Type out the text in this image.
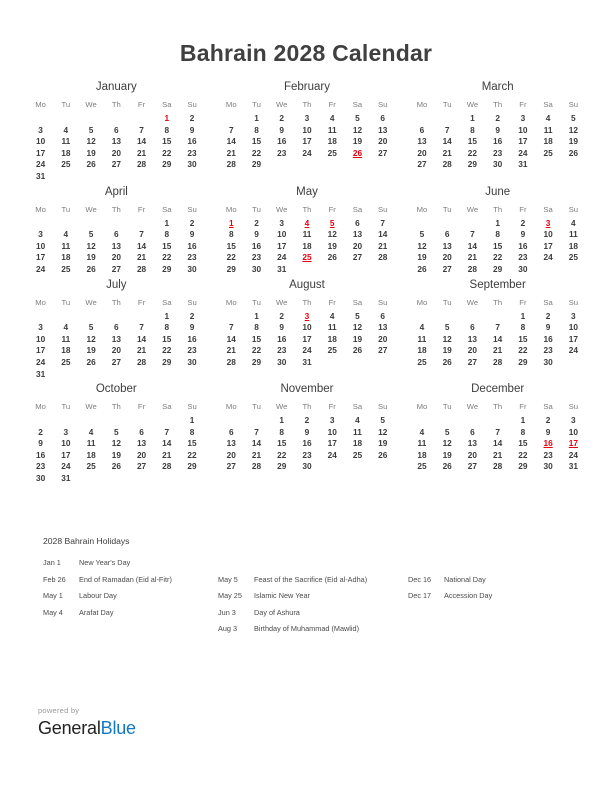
Bahrain 2028 Calendar
January
Mo	Tu	We	Th	Fr	Sa	Su
					1	2
3	4	5	6	7	8	9
10	11	12	13	14	15	16
17	18	19	20	21	22	23
24	25	26	27	28	29	30
31						
February
Mo	Tu	We	Th	Fr	Sa	Su
	1	2	3	4	5	6
7	8	9	10	11	12	13
14	15	16	17	18	19	20
21	22	23	24	25	26	27
28	29					
March
Mo	Tu	We	Th	Fr	Sa	Su
		1	2	3	4	5
6	7	8	9	10	11	12
13	14	15	16	17	18	19
20	21	22	23	24	25	26
27	28	29	30	31		
April
Mo	Tu	We	Th	Fr	Sa	Su
					1	2
3	4	5	6	7	8	9
10	11	12	13	14	15	16
17	18	19	20	21	22	23
24	25	26	27	28	29	30
May
Mo	Tu	We	Th	Fr	Sa	Su
1	2	3	4	5	6	7
8	9	10	11	12	13	14
15	16	17	18	19	20	21
22	23	24	25	26	27	28
29	30	31				
June
Mo	Tu	We	Th	Fr	Sa	Su
			1	2	3	4
5	6	7	8	9	10	11
12	13	14	15	16	17	18
19	20	21	22	23	24	25
26	27	28	29	30		
July
Mo	Tu	We	Th	Fr	Sa	Su
					1	2
3	4	5	6	7	8	9
10	11	12	13	14	15	16
17	18	19	20	21	22	23
24	25	26	27	28	29	30
31						
August
Mo	Tu	We	Th	Fr	Sa	Su
	1	2	3	4	5	6
7	8	9	10	11	12	13
14	15	16	17	18	19	20
21	22	23	24	25	26	27
28	29	30	31			
September
Mo	Tu	We	Th	Fr	Sa	Su
				1	2	3
4	5	6	7	8	9	10
11	12	13	14	15	16	17
18	19	20	21	22	23	24
25	26	27	28	29	30	
October
Mo	Tu	We	Th	Fr	Sa	Su
						1
2	3	4	5	6	7	8
9	10	11	12	13	14	15
16	17	18	19	20	21	22
23	24	25	26	27	28	29
30	31					
November
Mo	Tu	We	Th	Fr	Sa	Su
		1	2	3	4	5
6	7	8	9	10	11	12
13	14	15	16	17	18	19
20	21	22	23	24	25	26
27	28	29	30			
December
Mo	Tu	We	Th	Fr	Sa	Su
				1	2	3
4	5	6	7	8	9	10
11	12	13	14	15	16	17
18	19	20	21	22	23	24
25	26	27	28	29	30	31
2028 Bahrain Holidays
Jan 1	New Year's Day
Feb 26	End of Ramadan (Eid al-Fitr)
May 1	Labour Day
May 4	Arafat Day
May 5	Feast of the Sacrifice (Eid al-Adha)
May 25	Islamic New Year
Jun 3	Day of Ashura
Aug 3	Birthday of Muhammad (Mawlid)
Dec 16	National Day
Dec 17	Accession Day
powered by
GeneralBlue
